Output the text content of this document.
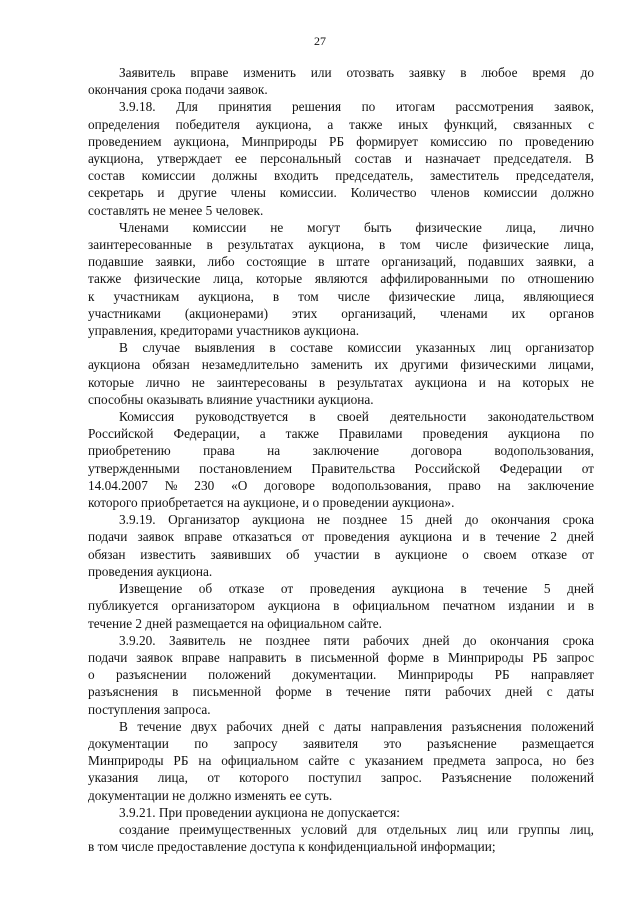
27

Заявитель вправе изменить или отозвать заявку в любое время до
окончания срока подачи заявок.

3.9.18. Для принятия решения по итогам рассмотрения заявок,
определения победителя аукциона, а также иных функций, связанных с
проведением аукциона, Минприроды РБ формирует комиссию по проведению
аукциона, утверждает ее персональный состав и назначает председателя. В
состав комиссии должны входить председатель, заместитель председателя,
секретарь и другие члены комиссии. Количество членов комиссии должно
составлять не менее 5 человек.

Членами комиссии не могут быть физические лица, лично
заинтересованные в результатах аукциона, в том числе физические лица,
подавшие заявки, либо состоящие в штате организаций, подавших заявки, а
также физические лица, которые являются аффилированными по отношению
к участникам аукциона, в том числе физические лица, являющиеся
участниками (акционерами) этих организаций, членами их органов
управления, кредиторами участников аукциона.

В случае выявления в составе комиссии указанных лиц организатор
аукциона обязан незамедлительно заменить их другими физическими лицами,
которые лично не заинтересованы в результатах аукциона и на которых не
способны оказывать влияние участники аукциона.

Комиссия руководствуется в своей деятельности законодательством
Российской Федерации, а также Правилами проведения аукциона по
приобретению права на заключение договора водопользования,
утвержденными постановлением Правительства Российской Федерации от
14.04.2007 № 230 «О договоре водопользования, право на заключение
которого приобретается на аукционе, и о проведении аукциона».

3.9.19. Организатор аукциона не позднее 15 дней до окончания срока
подачи заявок вправе отказаться от проведения аукциона и в течение 2 дней
обязан известить заявивших об участии в аукционе о своем отказе от
проведения аукциона.

Извещение об отказе от проведения аукциона в течение 5 дней
публикуется организатором аукциона в официальном печатном издании и в
течение 2 дней размещается на официальном сайте.

3.9.20. Заявитель не позднее пяти рабочих дней до окончания срока
подачи заявок вправе направить в письменной форме в Минприроды РБ запрос
о разъяснении положений документации. Минприроды РБ направляет
разъяснения в письменной форме в течение пяти рабочих дней с даты
поступления запроса.

В течение двух рабочих дней с даты направления разъяснения положений
документации по запросу заявителя это разъяснение размещается
Минприроды РБ на официальном сайте с указанием предмета запроса, но без
указания лица, от которого поступил запрос. Разъяснение положений
документации не должно изменять ее суть.

3.9.21. При проведении аукциона не допускается:

создание преимущественных условий для отдельных лиц или группы лиц,
в том числе предоставление доступа к конфиденциальной информации;
